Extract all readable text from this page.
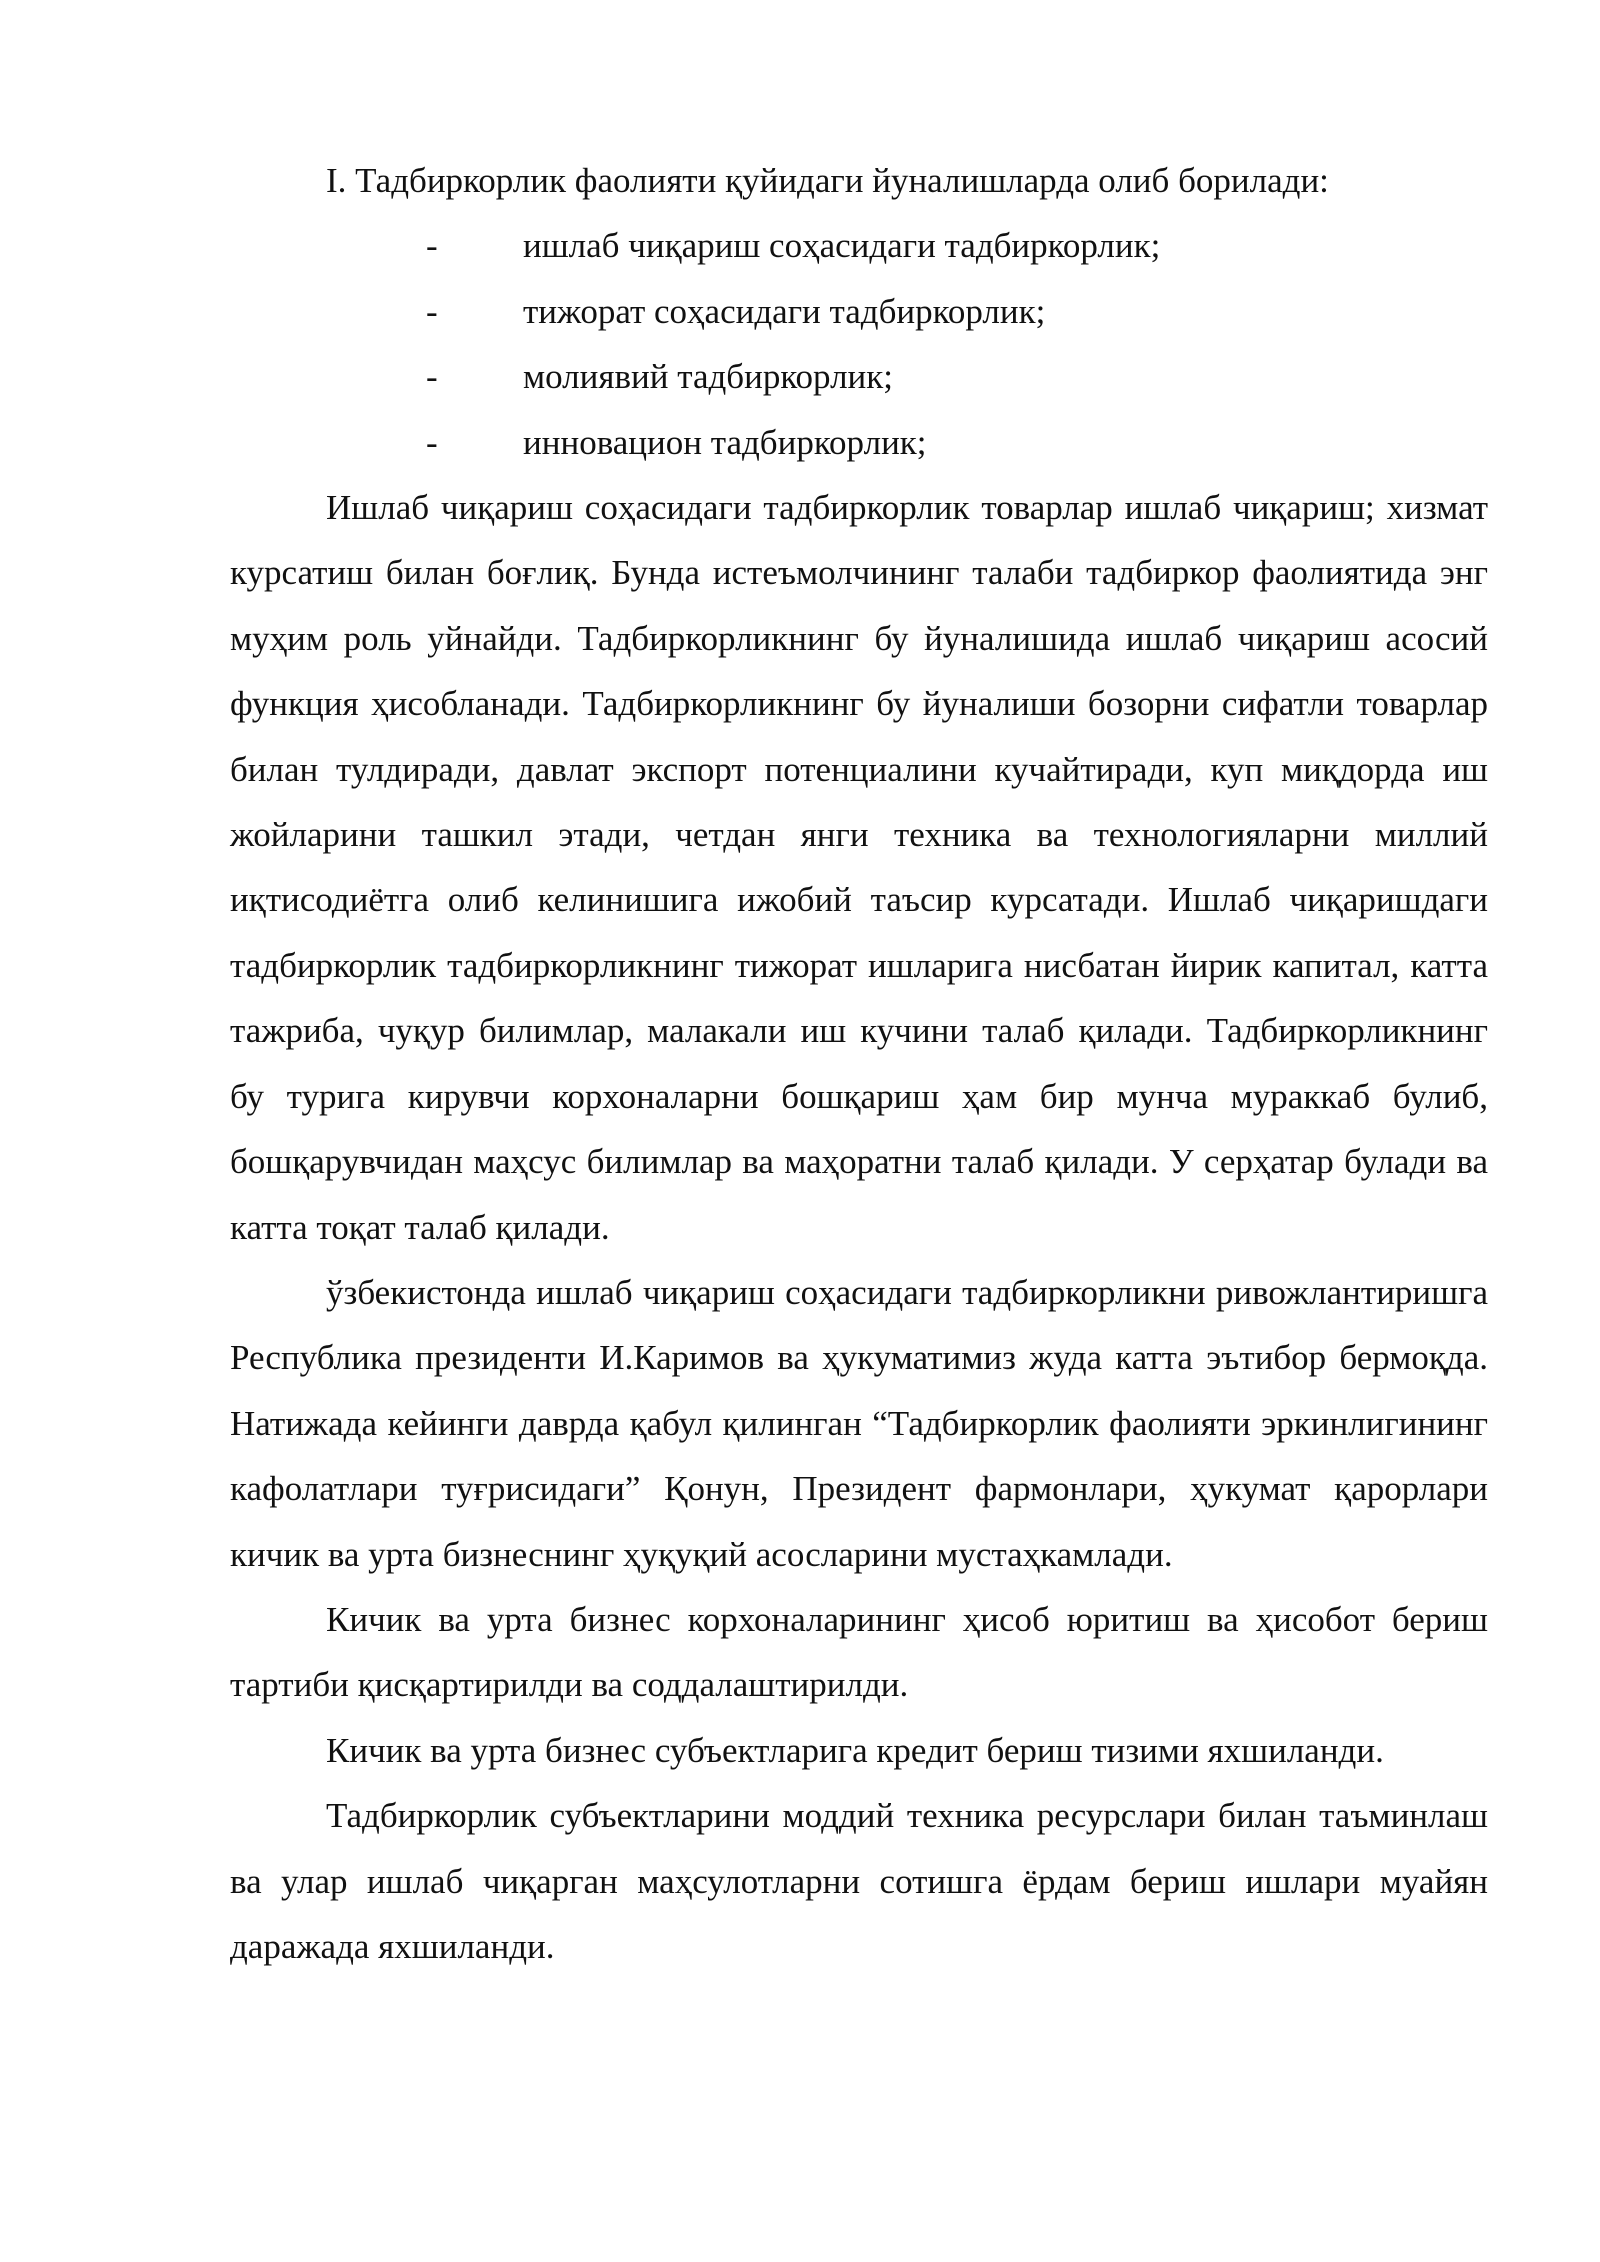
I. Тадбиркорлик фаолияти қуйидаги йуналишларда олиб борилади:

- ишлаб чиқариш соҳасидаги тадбиркорлик;
- тижорат соҳасидаги тадбиркорлик;
- молиявий тадбиркорлик;
- инновацион тадбиркорлик;

Ишлаб чиқариш соҳасидаги тадбиркорлик товарлар ишлаб чиқариш; хизмат курсатиш билан боғлиқ. Бунда истеъмолчининг талаби тадбиркор фаолиятида энг муҳим роль уйнайди. Тадбиркорликнинг бу йуналишида ишлаб чиқариш асосий функция ҳисобланади. Тадбиркорликнинг бу йуналиши бозорни сифатли товарлар билан тулдиради, давлат экспорт потенциалини кучайтиради, куп миқдорда иш жойларини ташкил этади, четдан янги техника ва технологияларни миллий иқтисодиётга олиб келинишига ижобий таъсир курсатади. Ишлаб чиқаришдаги тадбиркорлик тадбиркорликнинг тижорат ишларига нисбатан йирик капитал, катта тажриба, чуқур билимлар, малакали иш кучини талаб қилади. Тадбиркорликнинг бу турига кирувчи корхоналарни бошқариш ҳам бир мунча мураккаб булиб, бошқарувчидан маҳсус билимлар ва маҳоратни талаб қилади. У серҳатар булади ва катта тоқат талаб қилади.

ўзбекистонда ишлаб чиқариш соҳасидаги тадбиркорликни ривожлантиришга Республика президенти И.Каримов ва ҳукуматимиз жуда катта эътибор бермоқда. Натижада кейинги даврда қабул қилинган “Тадбиркорлик фаолияти эркинлигининг кафолатлари туғрисидаги” Қонун, Президент фармонлари, ҳукумат қарорлари кичик ва урта бизнеснинг ҳуқуқий асосларини мустаҳкамлади.

Кичик ва урта бизнес корхоналарининг ҳисоб юритиш ва ҳисобот бериш тартиби қисқартирилди ва соддалаштирилди.

Кичик ва урта бизнес субъектларига кредит бериш тизими яхшиланди.

Тадбиркорлик субъектларини моддий техника ресурслари билан таъминлаш ва улар ишлаб чиқарган маҳсулотларни сотишга ёрдам бериш ишлари муайян даражада яхшиланди.
